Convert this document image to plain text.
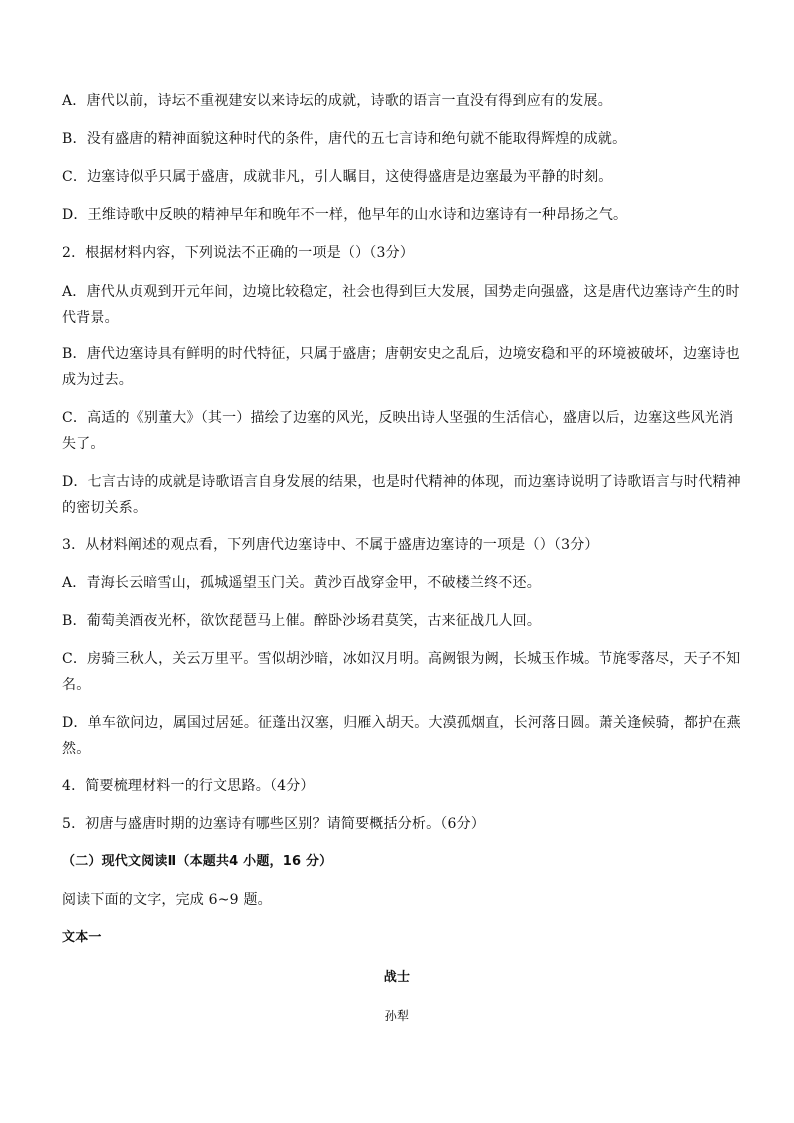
A．唐代以前，诗坛不重视建安以来诗坛的成就，诗歌的语言一直没有得到应有的发展。
B．没有盛唐的精神面貌这种时代的条件，唐代的五七言诗和绝句就不能取得辉煌的成就。
C．边塞诗似乎只属于盛唐，成就非凡，引人瞩目，这使得盛唐是边塞最为平静的时刻。
D．王维诗歌中反映的精神早年和晚年不一样，他早年的山水诗和边塞诗有一种昂扬之气。
2．根据材料内容，下列说法不正确的一项是（）（3分）
A．唐代从贞观到开元年间，边境比较稳定，社会也得到巨大发展，国势走向强盛，这是唐代边塞诗产生的时
代背景。
B．唐代边塞诗具有鲜明的时代特征，只属于盛唐；唐朝安史之乱后，边境安稳和平的环境被破坏，边塞诗也
成为过去。
C．高适的《别董大》（其一）描绘了边塞的风光，反映出诗人坚强的生活信心，盛唐以后，边塞这些风光消
失了。
D．七言古诗的成就是诗歌语言自身发展的结果，也是时代精神的体现，而边塞诗说明了诗歌语言与时代精神
的密切关系。
3．从材料阐述的观点看，下列唐代边塞诗中、不属于盛唐边塞诗的一项是（）（3分）
A．青海长云暗雪山，孤城遥望玉门关。黄沙百战穿金甲，不破楼兰终不还。
B．葡萄美酒夜光杯，欲饮琵琶马上催。醉卧沙场君莫笑，古来征战几人回。
C．房骑三秋人，关云万里平。雪似胡沙暗，冰如汉月明。高阙银为阙，长城玉作城。节旄零落尽，天子不知
名。
D．单车欲问边，属国过居延。征蓬出汉塞，归雁入胡天。大漠孤烟直，长河落日圆。萧关逢候骑，都护在燕
然。
4．简要梳理材料一的行文思路。（4分）
5．初唐与盛唐时期的边塞诗有哪些区别？请简要概括分析。（6分）
（二）现代文阅读Ⅱ（本题共4 小题，16 分）
阅读下面的文字，完成 6~9 题。
文本一
战士
孙犁
